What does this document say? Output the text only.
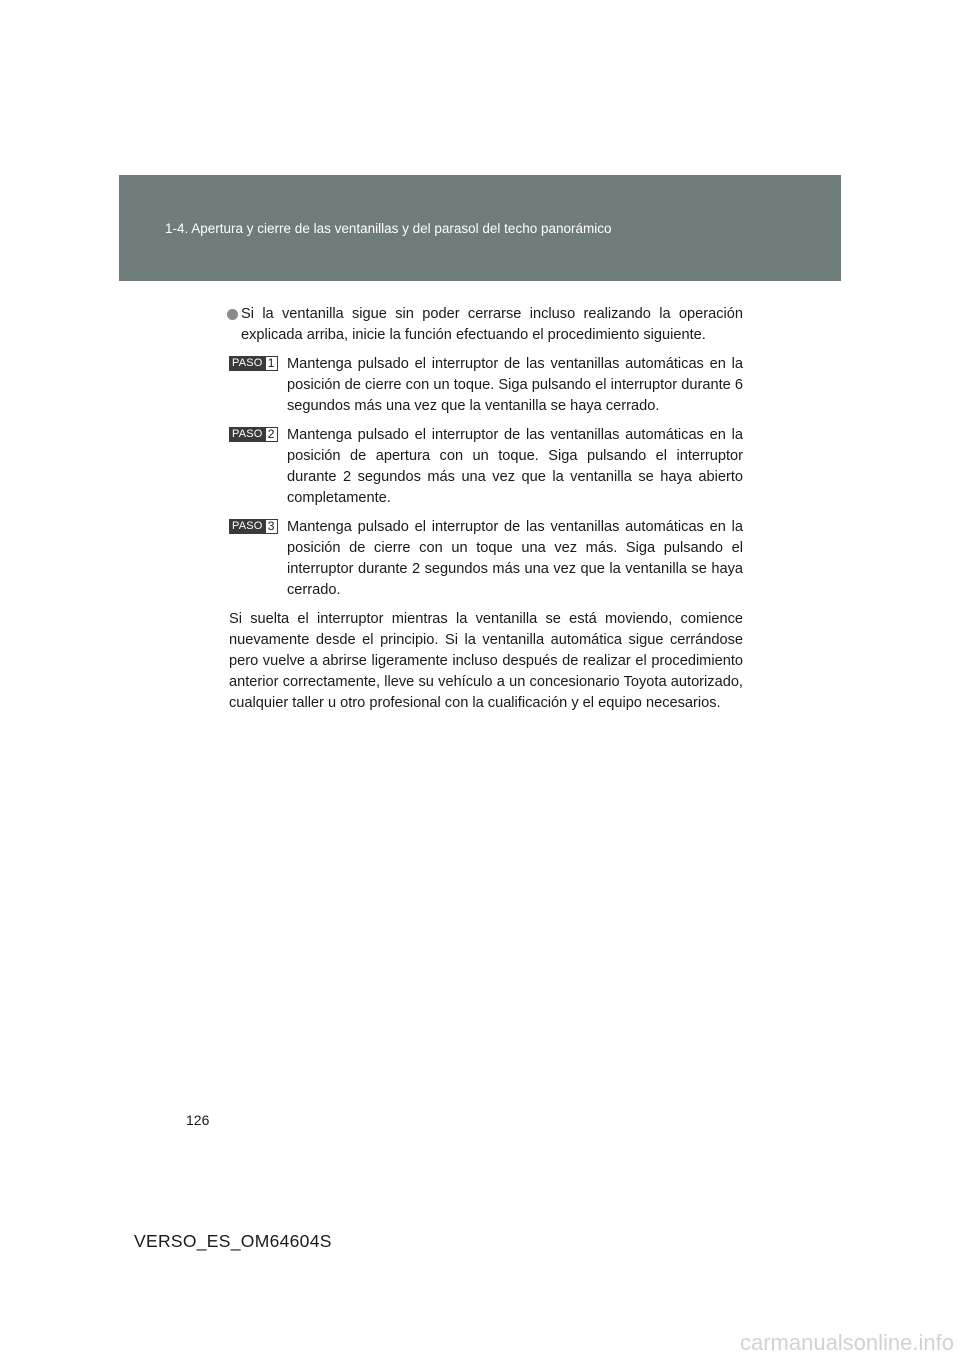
1-4. Apertura y cierre de las ventanillas y del parasol del techo panorámico
Si la ventanilla sigue sin poder cerrarse incluso realizando la operación explicada arriba, inicie la función efectuando el procedimiento siguiente.
PASO 1 Mantenga pulsado el interruptor de las ventanillas automáticas en la posición de cierre con un toque. Siga pulsando el interruptor durante 6 segundos más una vez que la ventanilla se haya cerrado.
PASO 2 Mantenga pulsado el interruptor de las ventanillas automáticas en la posición de apertura con un toque. Siga pulsando el interruptor durante 2 segundos más una vez que la ventanilla se haya abierto completamente.
PASO 3 Mantenga pulsado el interruptor de las ventanillas automáticas en la posición de cierre con un toque una vez más. Siga pulsando el interruptor durante 2 segundos más una vez que la ventanilla se haya cerrado.
Si suelta el interruptor mientras la ventanilla se está moviendo, comience nuevamente desde el principio. Si la ventanilla automática sigue cerrándose pero vuelve a abrirse ligeramente incluso después de realizar el procedimiento anterior correctamente, lleve su vehículo a un concesionario Toyota autorizado, cualquier taller u otro profesional con la cualificación y el equipo necesarios.
126
VERSO_ES_OM64604S
carmanualsonline.info
